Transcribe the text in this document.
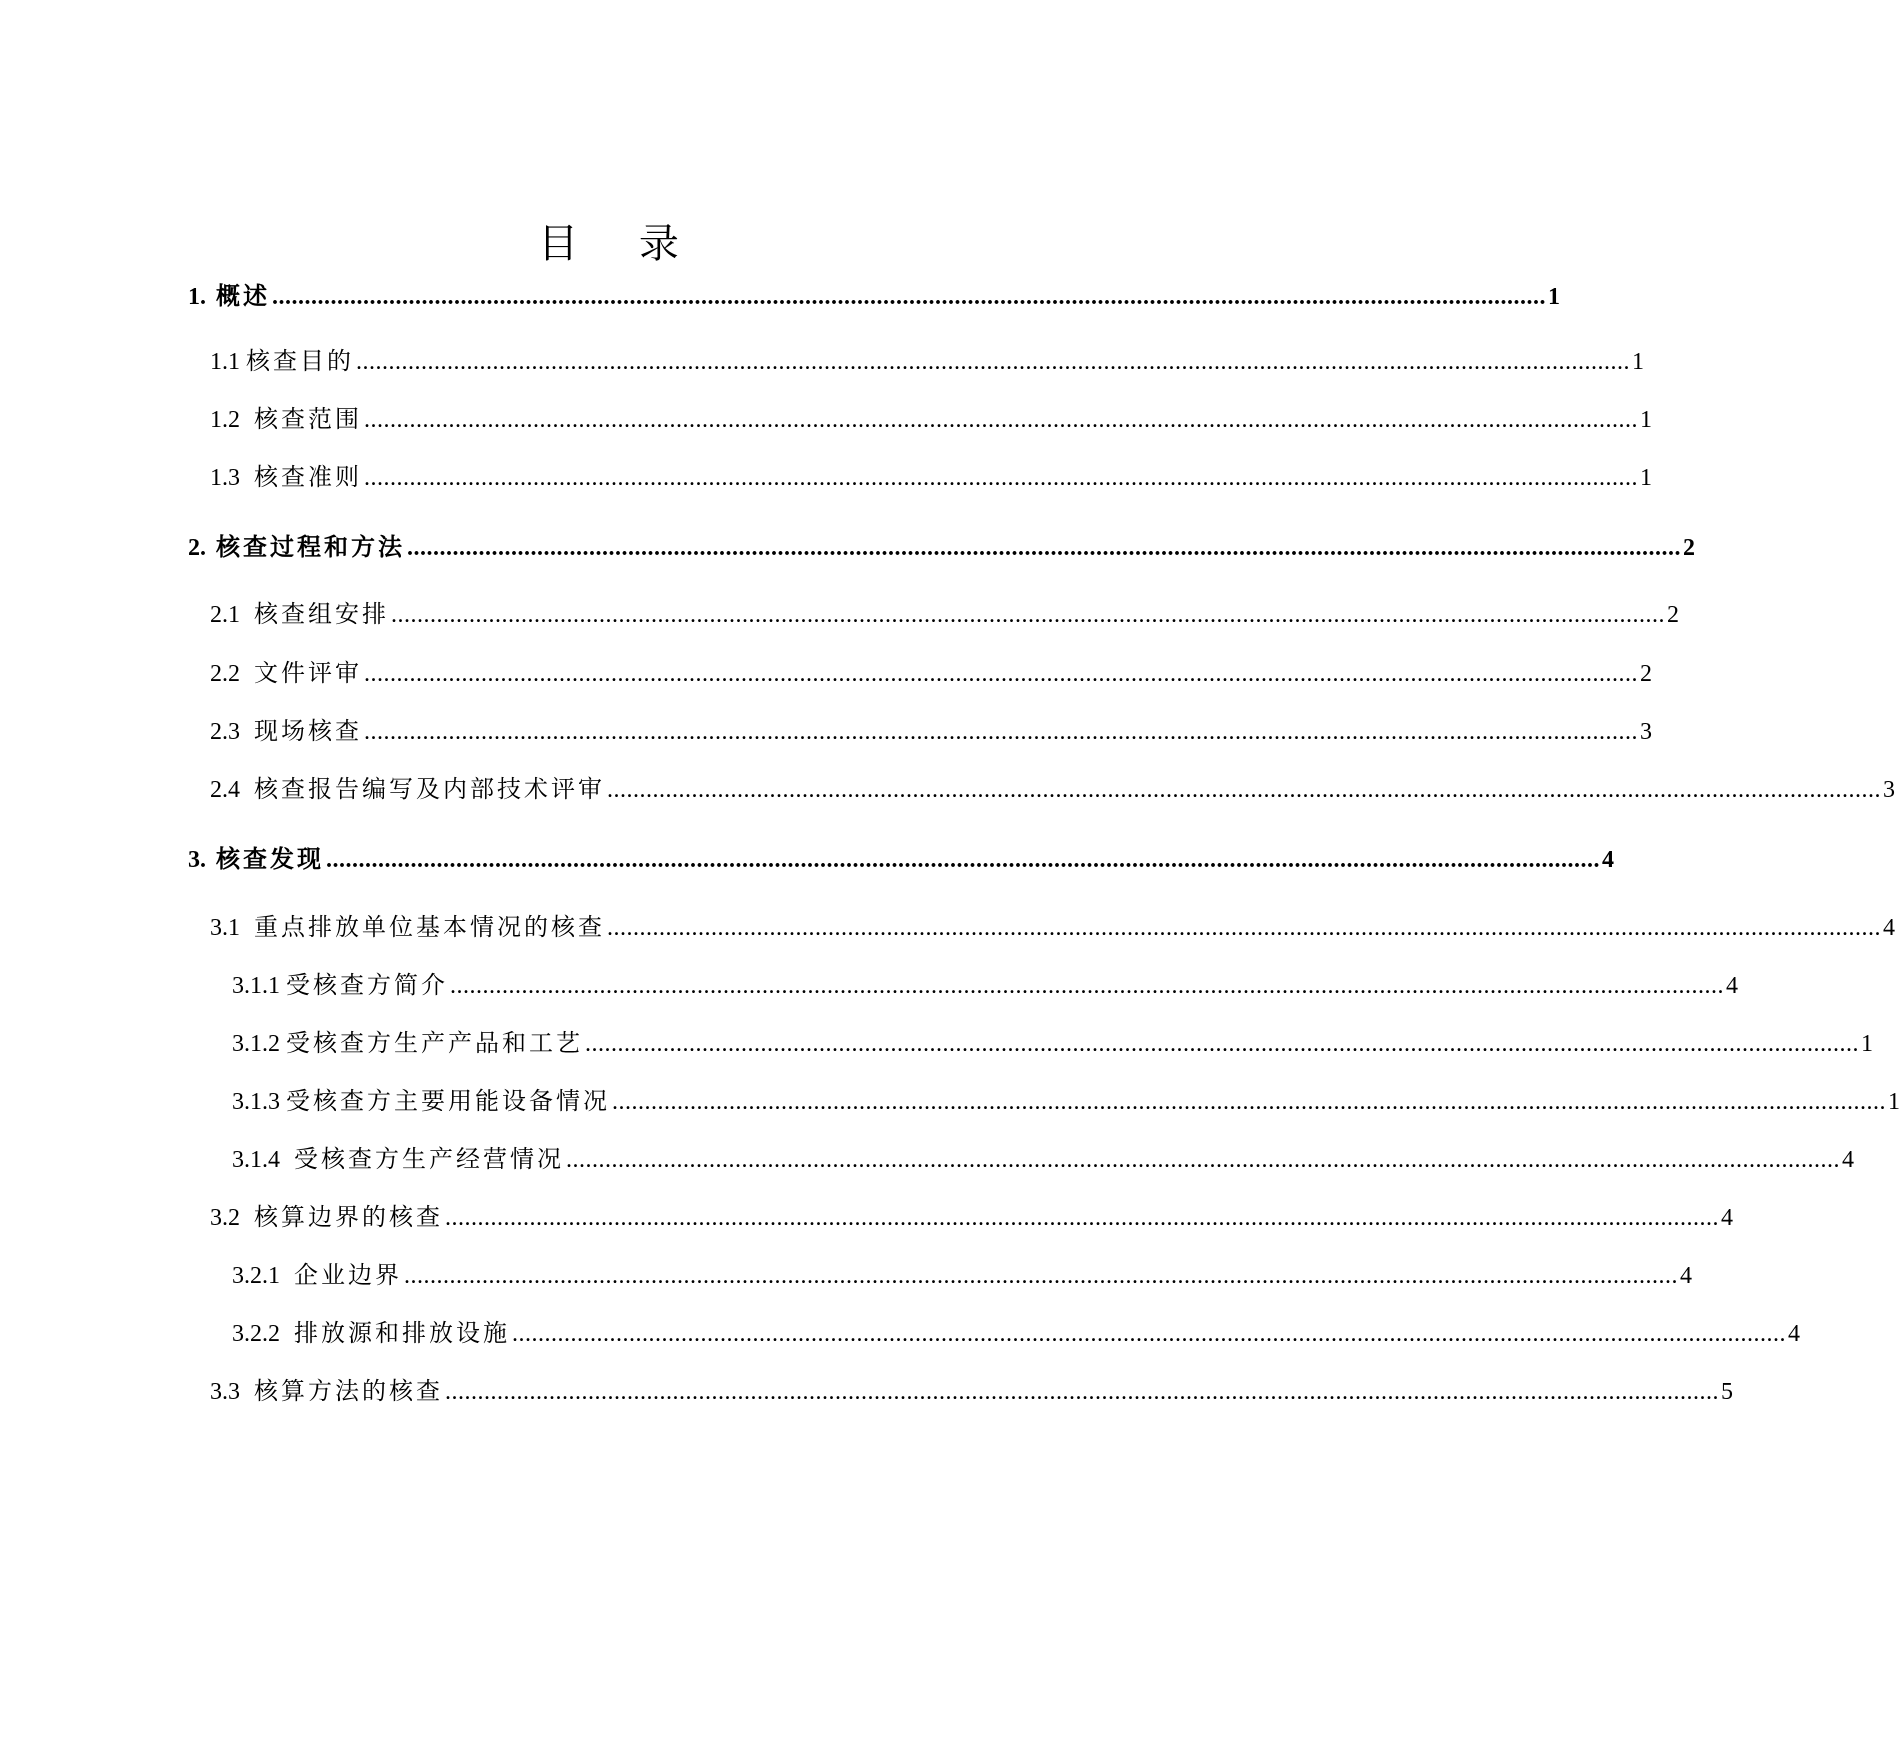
目 录
1. 概述 .................................................................................................................................................................................................... 1
1.1 核查目的 .................................................................................................................................................................................................... 1
1.2 核查范围 .................................................................................................................................................................................................... 1
1.3 核查准则 .................................................................................................................................................................................................... 1
2. 核查过程和方法 .................................................................................................................................................................................................... 2
2.1 核查组安排 .................................................................................................................................................................................................... 2
2.2 文件评审 .................................................................................................................................................................................................... 2
2.3 现场核查 .................................................................................................................................................................................................... 3
2.4 核查报告编写及内部技术评审 .................................................................................................................................................................................................... 3
3. 核查发现 .................................................................................................................................................................................................... 4
3.1 重点排放单位基本情况的核查 .................................................................................................................................................................................................... 4
3.1.1 受核查方简介 .................................................................................................................................................................................................... 4
3.1.2 受核查方生产产品和工艺 .................................................................................................................................................................................................... 1
3.1.3 受核查方主要用能设备情况 .................................................................................................................................................................................................... 1
3.1.4 受核查方生产经营情况 .................................................................................................................................................................................................... 4
3.2 核算边界的核查 .................................................................................................................................................................................................... 4
3.2.1 企业边界 .................................................................................................................................................................................................... 4
3.2.2 排放源和排放设施 .................................................................................................................................................................................................... 4
3.3 核算方法的核查 .................................................................................................................................................................................................... 5
